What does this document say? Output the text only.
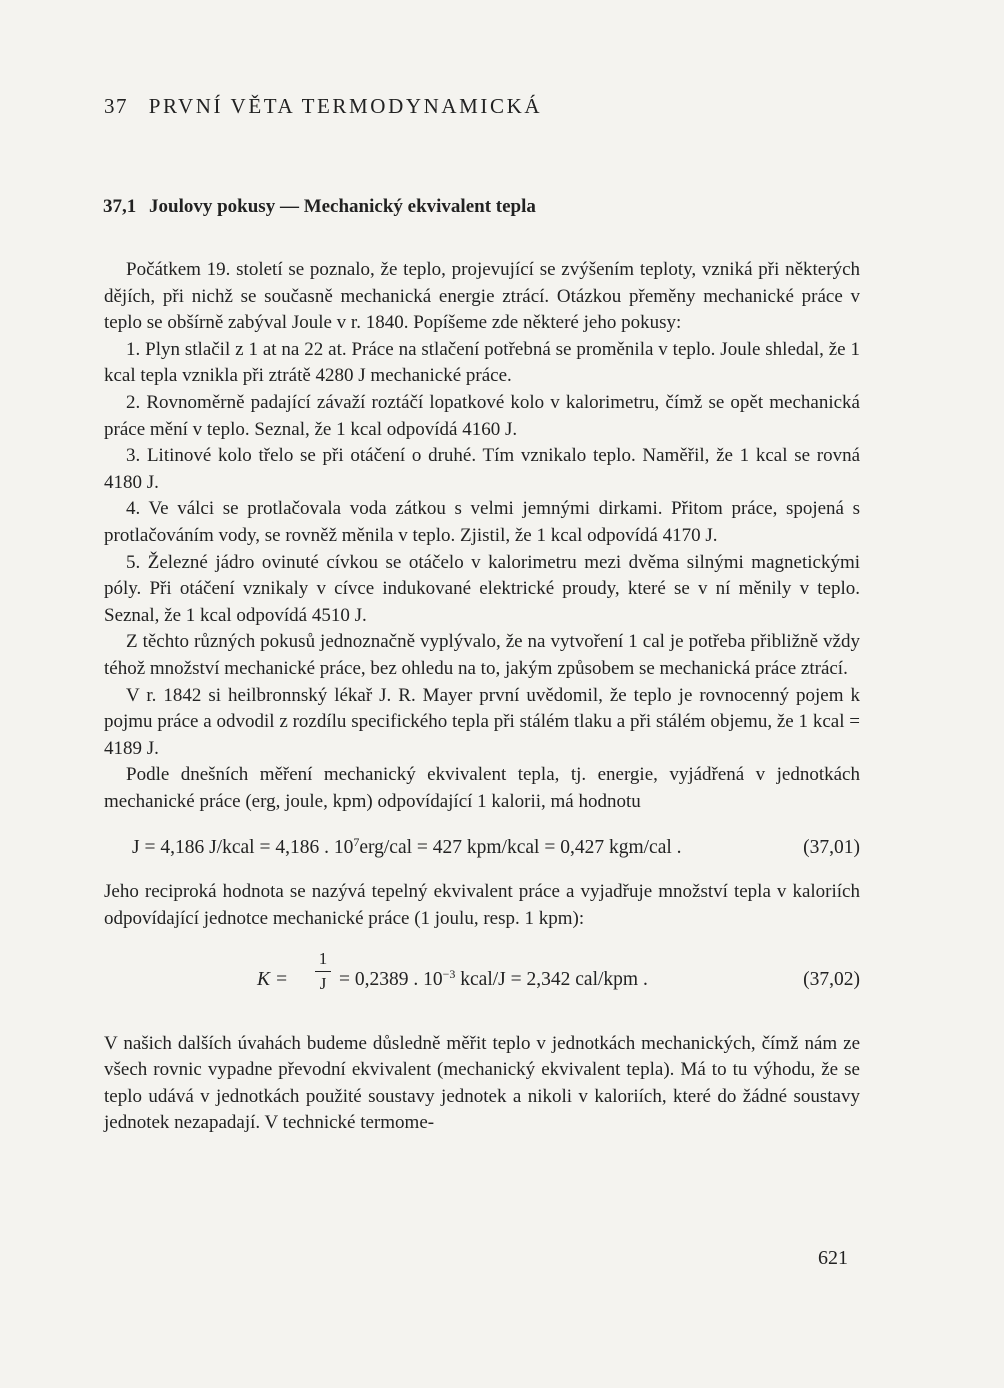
37 PRVNÍ VĚTA TERMODYNAMICKÁ
37,1 Joulovy pokusy — Mechanický ekvivalent tepla

Počátkem 19. století se poznalo, že teplo, projevující se zvýšením teploty, vzniká při některých dějích, při nichž se současně mechanická energie ztrácí. Otázkou přeměny mechanické práce v teplo se obšírně zabýval Joule v r. 1840. Popíšeme zde některé jeho pokusy:

1. Plyn stlačil z 1 at na 22 at. Práce na stlačení potřebná se proměnila v teplo. Joule shledal, že 1 kcal tepla vznikla při ztrátě 4280 J mechanické práce.

2. Rovnoměrně padající závaží roztáčí lopatkové kolo v kalorimetru, čímž se opět mechanická práce mění v teplo. Seznal, že 1 kcal odpovídá 4160 J.

3. Litinové kolo třelo se při otáčení o druhé. Tím vznikalo teplo. Naměřil, že 1 kcal se rovná 4180 J.

4. Ve válci se protlačovala voda zátkou s velmi jemnými dirkami. Přitom práce, spojená s protlačováním vody, se rovněž měnila v teplo. Zjistil, že 1 kcal odpovídá 4170 J.

5. Železné jádro ovinuté cívkou se otáčelo v kalorimetru mezi dvěma silnými magnetickými póly. Při otáčení vznikaly v cívce indukované elektrické proudy, které se v ní měnily v teplo. Seznal, že 1 kcal odpovídá 4510 J.

Z těchto různých pokusů jednoznačně vyplývalo, že na vytvoření 1 cal je potřeba přibližně vždy téhož množství mechanické práce, bez ohledu na to, jakým způsobem se mechanická práce ztrácí.

V r. 1842 si heilbronnský lékař J. R. Mayer první uvědomil, že teplo je rovnocenný pojem k pojmu práce a odvodil z rozdílu specifického tepla při stálém tlaku a při stálém objemu, že 1 kcal = 4189 J.

Podle dnešních měření mechanický ekvivalent tepla, tj. energie, vyjádřená v jednotkách mechanické práce (erg, joule, kpm) odpovídající 1 kalorii, má hodnotu

J = 4,186 J/kcal = 4,186 . $10^7erg$/cal = 427 kpm/kcal = 0,427 kgm/cal .	(37,01)

Jeho reciproká hodnota se nazývá tepelný ekvivalent práce a vyjadřuje množství tepla v kaloriích odpovídající jednotce mechanické práce (1 joulu, resp. 1 kpm):

K =
1
J = 0,2389 . $10^{-3}$ kcal/J = 2,342 cal/kpm .	(37,02)

V našich dalších úvahách budeme důsledně měřit teplo v jednotkách mechanických, čímž nám ze všech rovnic vypadne převodní ekvivalent (mechanický ekvivalent tepla). Má to tu výhodu, že se teplo udává v jednotkách použité soustavy jednotek a nikoli v kaloriích, které do žádné soustavy jednotek nezapadají. V technické termome-

621
